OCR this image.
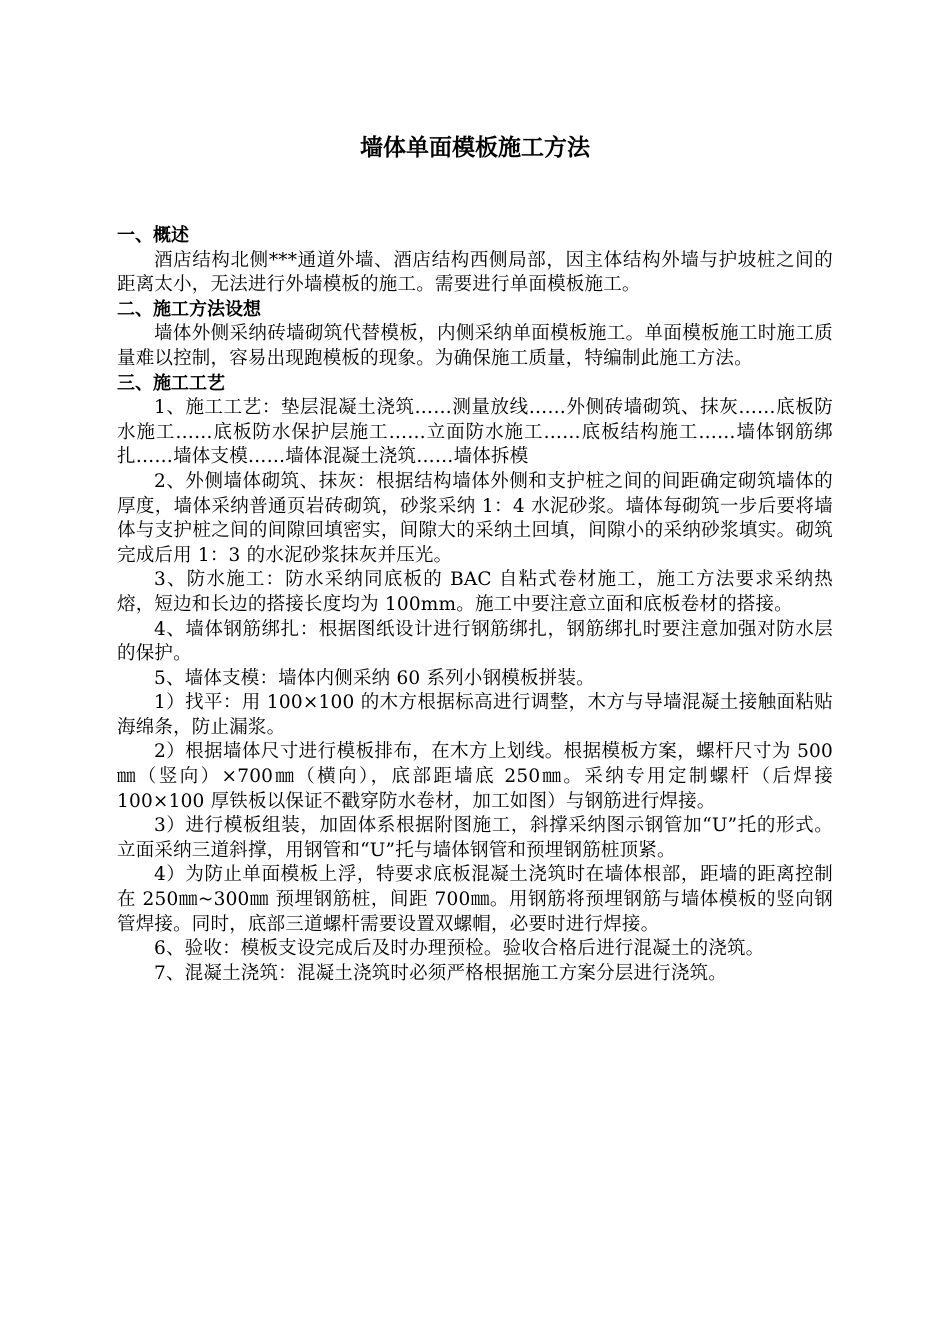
墙体单面模板施工方法

一、概述

酒店结构北侧***通道外墙、酒店结构西侧局部，因主体结构外墙与护坡桩之间的距离太小，无法进行外墙模板的施工。需要进行单面模板施工。

二、施工方法设想

墙体外侧采纳砖墙砌筑代替模板，内侧采纳单面模板施工。单面模板施工时施工质量难以控制，容易出现跑模板的现象。为确保施工质量，特编制此施工方法。

三、施工工艺

1、施工工艺：垫层混凝土浇筑……测量放线……外侧砖墙砌筑、抹灰……底板防水施工……底板防水保护层施工……立面防水施工……底板结构施工……墙体钢筋绑扎……墙体支模……墙体混凝土浇筑……墙体拆模

2、外侧墙体砌筑、抹灰：根据结构墙体外侧和支护桩之间的间距确定砌筑墙体的厚度，墙体采纳普通页岩砖砌筑，砂浆采纳 1：4 水泥砂浆。墙体每砌筑一步后要将墙体与支护桩之间的间隙回填密实，间隙大的采纳土回填，间隙小的采纳砂浆填实。砌筑完成后用 1：3 的水泥砂浆抹灰并压光。

3、防水施工：防水采纳同底板的 BAC 自粘式卷材施工，施工方法要求采纳热熔，短边和长边的搭接长度均为 100mm。施工中要注意立面和底板卷材的搭接。

4、墙体钢筋绑扎：根据图纸设计进行钢筋绑扎，钢筋绑扎时要注意加强对防水层的保护。

5、墙体支模：墙体内侧采纳 60 系列小钢模板拼装。

1）找平：用 100×100 的木方根据标高进行调整，木方与导墙混凝土接触面粘贴海绵条，防止漏浆。

2）根据墙体尺寸进行模板排布，在木方上划线。根据模板方案，螺杆尺寸为 500㎜（竖向）×700㎜（横向），底部距墙底 250㎜。采纳专用定制螺杆（后焊接 100×100 厚铁板以保证不戳穿防水卷材，加工如图）与钢筋进行焊接。

3）进行模板组装，加固体系根据附图施工，斜撑采纳图示钢管加“U”托的形式。立面采纳三道斜撑，用钢管和“U”托与墙体钢管和预埋钢筋桩顶紧。

4）为防止单面模板上浮，特要求底板混凝土浇筑时在墙体根部，距墙的距离控制在 250㎜~300㎜ 预埋钢筋桩，间距 700㎜。用钢筋将预埋钢筋与墙体模板的竖向钢管焊接。同时，底部三道螺杆需要设置双螺帽，必要时进行焊接。

6、验收：模板支设完成后及时办理预检。验收合格后进行混凝土的浇筑。

7、混凝土浇筑：混凝土浇筑时必须严格根据施工方案分层进行浇筑。
